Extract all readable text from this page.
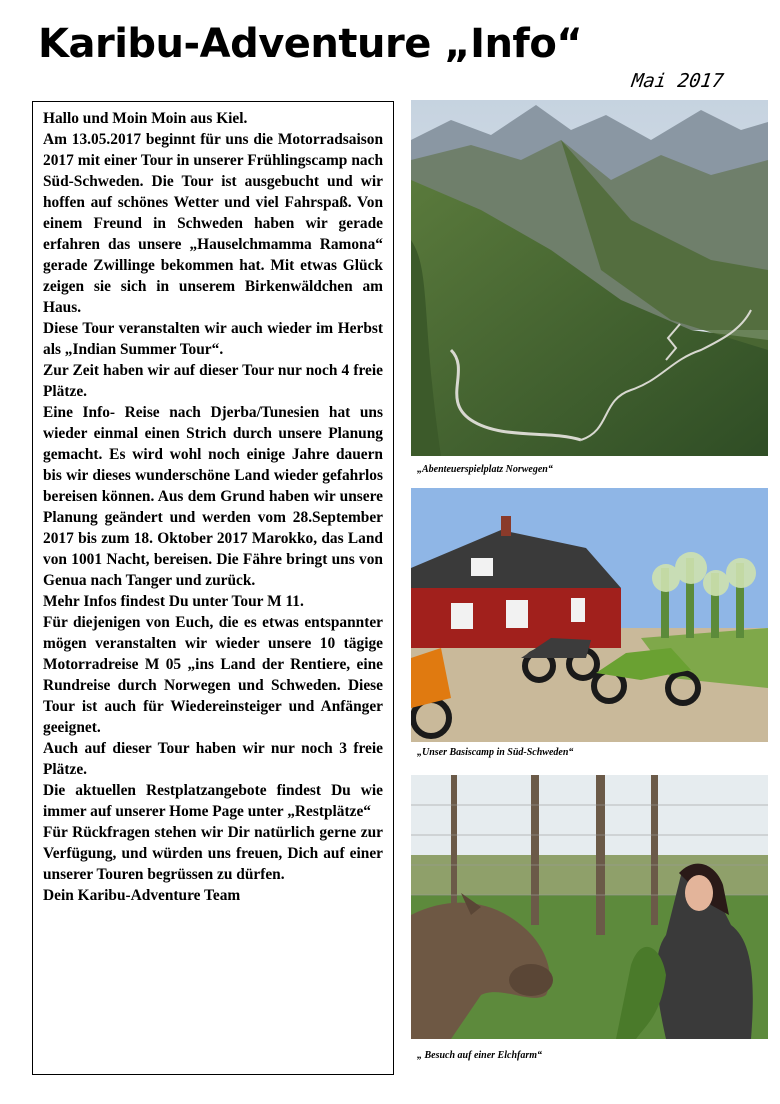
Karibu-Adventure „Info“
Mai 2017

Hallo und Moin Moin aus Kiel.

Am 13.05.2017 beginnt für uns die Motorradsaison 2017 mit einer Tour in unserer Frühlingscamp nach Süd-Schweden. Die Tour ist ausgebucht und wir hoffen auf schönes Wetter und viel Fahrspaß. Von einem Freund in Schweden haben wir gerade erfahren das unsere „Hauselchmamma Ramona“ gerade Zwillinge bekommen hat. Mit etwas Glück zeigen sie sich in unserem Birkenwäldchen am Haus.

Diese Tour veranstalten wir auch wieder im Herbst als „Indian Summer Tour“.

Zur Zeit haben wir auf dieser Tour nur noch 4 freie Plätze.

Eine Info- Reise nach Djerba/Tunesien hat uns wieder einmal einen Strich durch unsere Planung gemacht. Es wird wohl noch einige Jahre dauern bis wir dieses wunderschöne Land wieder gefahrlos bereisen können. Aus dem Grund haben wir unsere Planung geändert und werden vom 28.September 2017 bis zum 18. Oktober 2017 Marokko, das Land von 1001 Nacht, bereisen. Die Fähre bringt uns von Genua nach Tanger und zurück.

Mehr Infos findest Du unter Tour M 11.

Für diejenigen von Euch, die es etwas entspannter mögen veranstalten wir wieder unsere 10 tägige Motorradreise M 05 „ins Land der Rentiere, eine Rundreise durch Norwegen und Schweden. Diese Tour ist auch für Wiedereinsteiger und Anfänger geeignet.

Auch auf dieser Tour haben wir nur noch 3 freie Plätze.

Die aktuellen Restplatzangebote findest Du wie immer auf unserer Home Page unter „Restplätze“

Für Rückfragen stehen wir Dir natürlich gerne zur Verfügung, und würden uns freuen, Dich auf einer unserer Touren begrüssen zu dürfen.

Dein Karibu-Adventure Team

„Abenteuerspielplatz Norwegen“
„Unser Basiscamp in Süd-Schweden“
„ Besuch auf einer Elchfarm“
